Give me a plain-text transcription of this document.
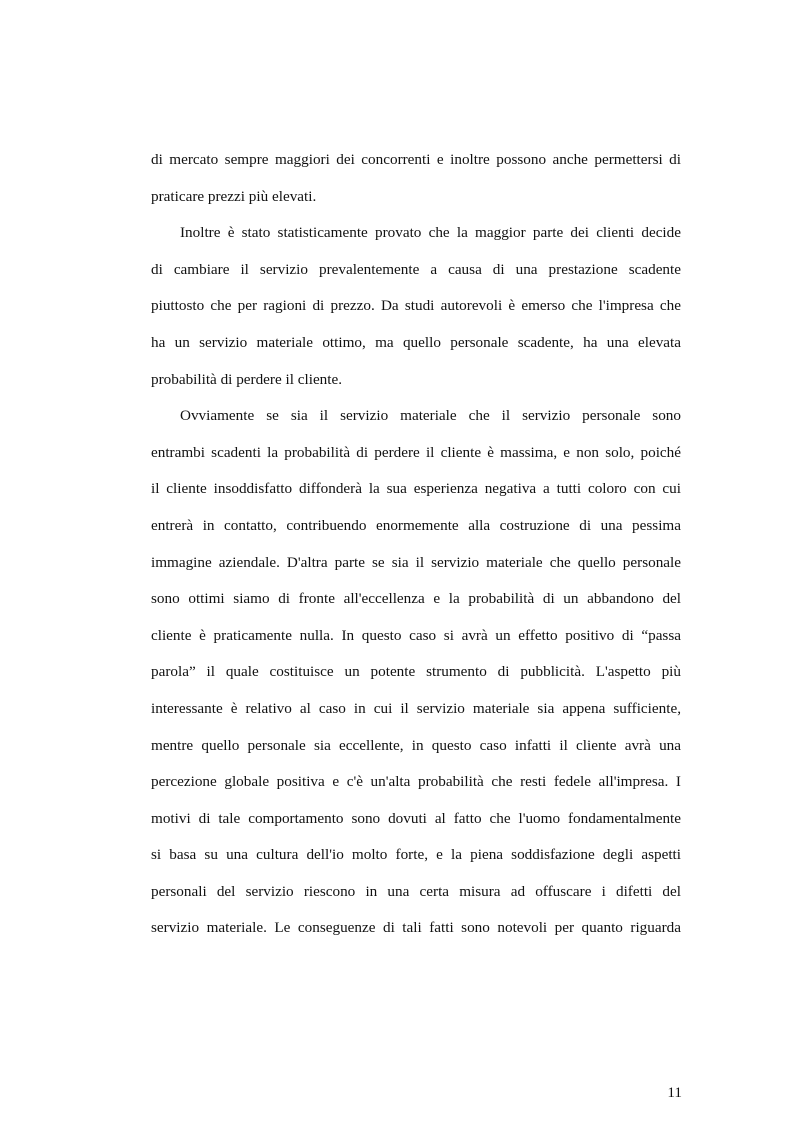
di mercato sempre maggiori dei concorrenti e inoltre possono anche permettersi di
praticare prezzi più elevati.
Inoltre è stato statisticamente provato che la maggior parte dei clienti decide
di cambiare il servizio prevalentemente a causa di una prestazione scadente
piuttosto che per ragioni di prezzo. Da studi autorevoli è emerso che l'impresa che
ha un servizio materiale ottimo, ma quello personale scadente, ha una elevata
probabilità di perdere il cliente.
Ovviamente se sia il servizio materiale che il servizio personale sono
entrambi scadenti la probabilità di perdere il cliente è massima, e non solo, poiché
il cliente insoddisfatto diffonderà la sua esperienza negativa a tutti coloro con cui
entrerà in contatto, contribuendo enormemente alla costruzione di una pessima
immagine aziendale. D'altra parte se sia il servizio materiale che quello personale
sono ottimi siamo di fronte all'eccellenza e la probabilità di un abbandono del
cliente è praticamente nulla. In questo caso si avrà un effetto positivo di “passa
parola” il quale costituisce un potente strumento di pubblicità. L'aspetto più
interessante è relativo al caso in cui il servizio materiale sia appena sufficiente,
mentre quello personale sia eccellente, in questo caso infatti il cliente avrà una
percezione globale positiva e c'è un'alta probabilità che resti fedele all'impresa. I
motivi di tale comportamento sono dovuti al fatto che l'uomo fondamentalmente
si basa su una cultura dell'io molto forte, e la piena soddisfazione degli aspetti
personali del servizio riescono in una certa misura ad offuscare i difetti del
servizio materiale. Le conseguenze di tali fatti sono notevoli per quanto riguarda
11
